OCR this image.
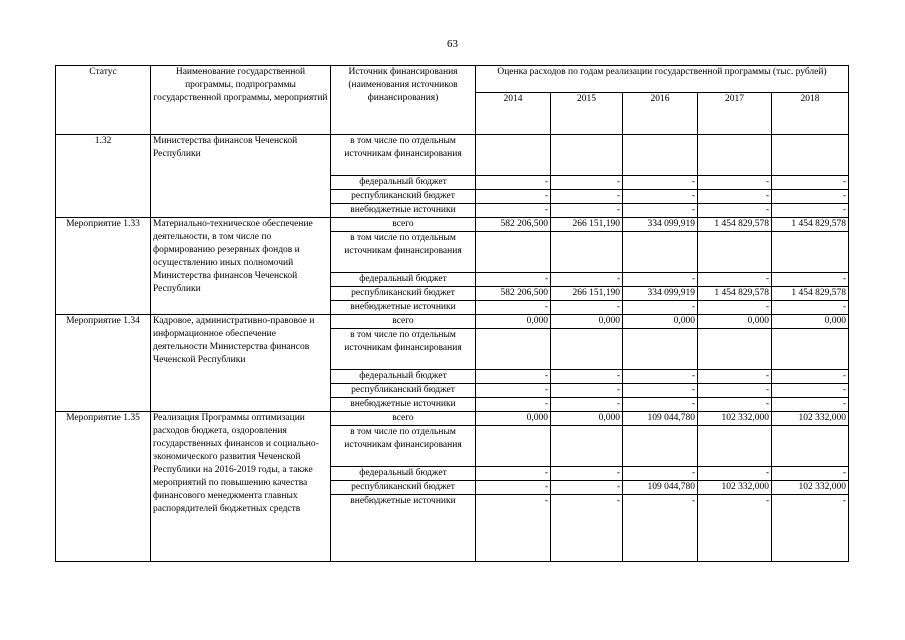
63
Статус	Наименование государственной программы, подпрограммы государственной программы, мероприятий	Источник финансирования (наименования источников финансирования)	Оценка расходов по годам реализации государственной программы (тыс. рублей)				
			2014	2015	2016	2017	2018
1.32	Министерства финансов Чеченской Республики	в том числе по отдельным источникам финансирования					
		федеральный бюджет	-	-	-	-	-
		республиканский бюджет	-	-	-	-	-
		внебюджетные источники	-	-	-	-	-
Мероприятие 1.33	Материально-техническое обеспечение деятельности, в том числе по формированию резервных фондов и осуществлению иных полномочий Министерства финансов Чеченской Республики	всего	582 206,500	266 151,190	334 099,919	1 454 829,578	1 454 829,578
		в том числе по отдельным источникам финансирования					
		федеральный бюджет	-	-	-	-	-
		республиканский бюджет	582 206,500	266 151,190	334 099,919	1 454 829,578	1 454 829,578
		внебюджетные источники	-	-	-	-	-
Мероприятие 1.34	Кадровое, административно-правовое и информационное обеспечение деятельности Министерства финансов Чеченской Республики	всего	0,000	0,000	0,000	0,000	0,000
		в том числе по отдельным источникам финансирования					
		федеральный бюджет	-	-	-	-	-
		республиканский бюджет	-	-	-	-	-
		внебюджетные источники	-	-	-	-	-
Мероприятие 1.35	Реализация Программы оптимизации расходов бюджета, оздоровления государственных финансов и социально-экономического развития Чеченской Республики на 2016-2019 годы, а также мероприятий по повышению качества финансового менеджмента главных распорядителей бюджетных средств	всего	0,000	0,000	109 044,780	102 332,000	102 332,000
		в том числе по отдельным источникам финансирования					
		федеральный бюджет	-	-	-	-	-
		республиканский бюджет	-	-	109 044,780	102 332,000	102 332,000
		внебюджетные источники	-	-	-	-	-
